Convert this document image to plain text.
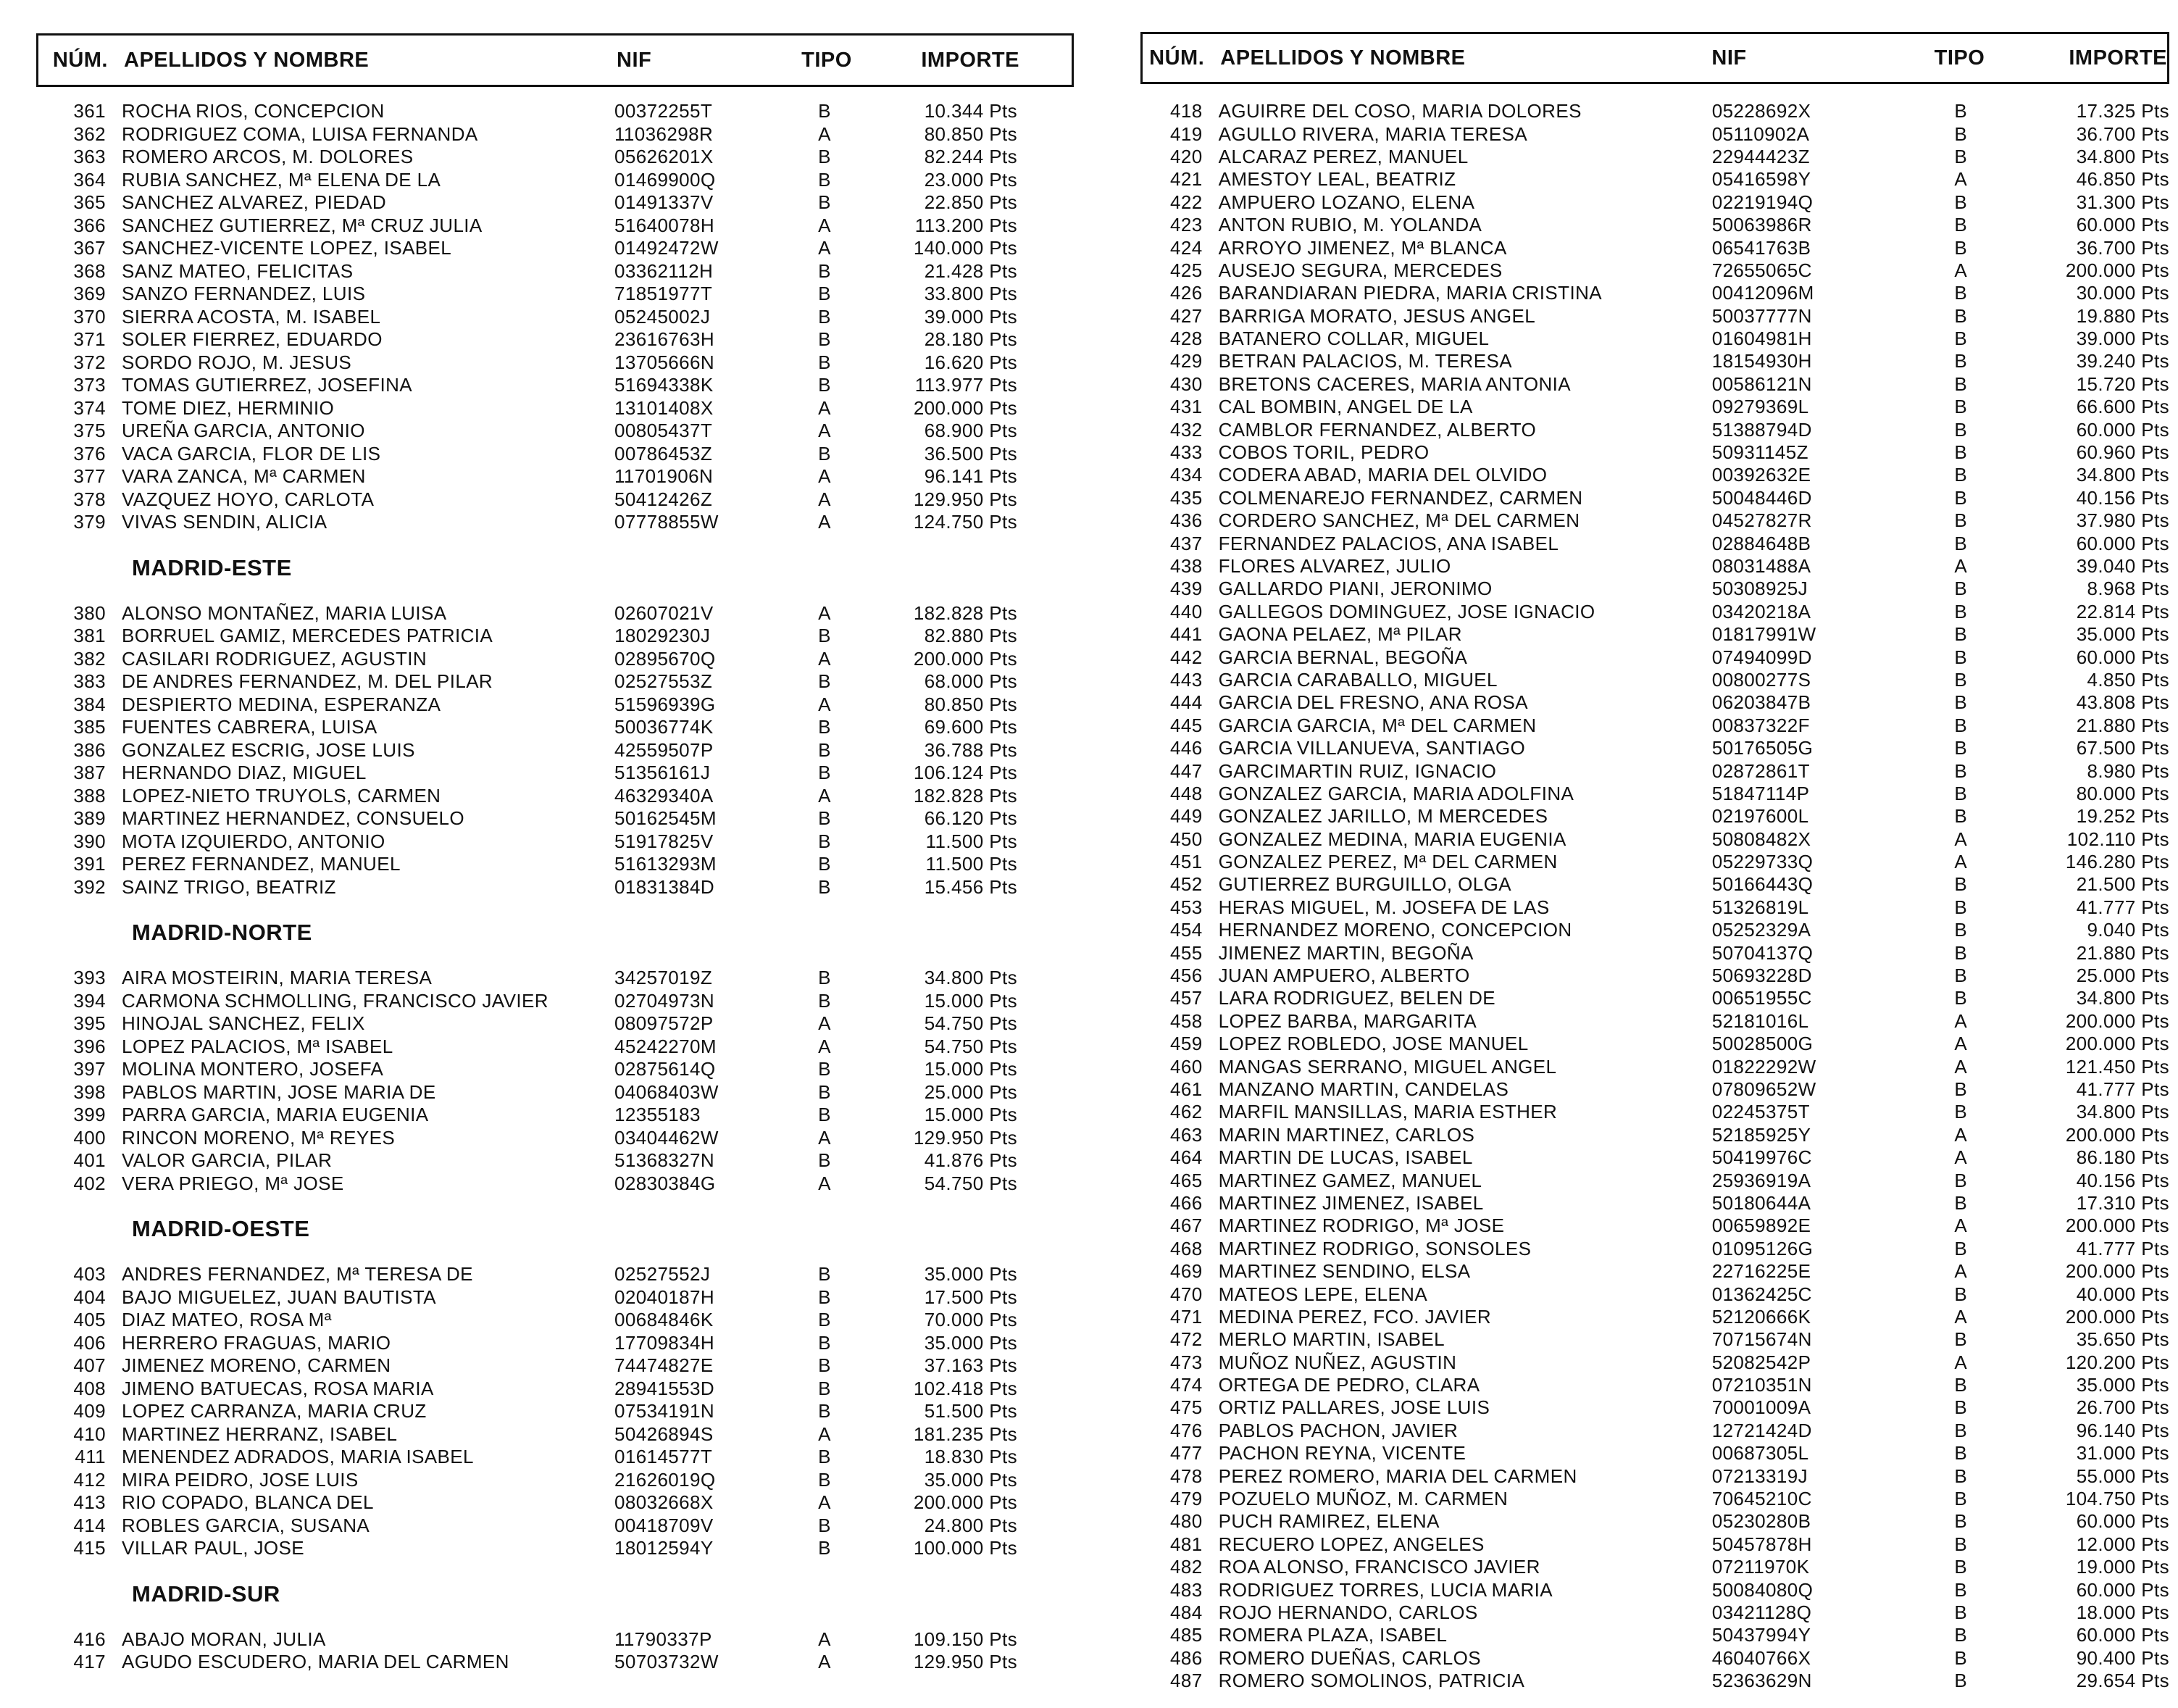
NÚM. APELLIDOS Y NOMBRE	NIF	TIPO	IMPORTE
361 ROCHA RIOS, CONCEPCION	00372255T	B	10.344 Pts
362 RODRIGUEZ COMA, LUISA FERNANDA	11036298R	A	80.850 Pts
363 ROMERO ARCOS, M. DOLORES	05626201X	B	82.244 Pts
364 RUBIA SANCHEZ, Mª ELENA DE LA	01469900Q	B	23.000 Pts
365 SANCHEZ ALVAREZ, PIEDAD	01491337V	B	22.850 Pts
366 SANCHEZ GUTIERREZ, Mª CRUZ JULIA	51640078H	A	113.200 Pts
367 SANCHEZ-VICENTE LOPEZ, ISABEL	01492472W	A	140.000 Pts
368 SANZ MATEO, FELICITAS	03362112H	B	21.428 Pts
369 SANZO FERNANDEZ, LUIS	71851977T	B	33.800 Pts
370 SIERRA ACOSTA, M. ISABEL	05245002J	B	39.000 Pts
371 SOLER FIERREZ, EDUARDO	23616763H	B	28.180 Pts
372 SORDO ROJO, M. JESUS	13705666N	B	16.620 Pts
373 TOMAS GUTIERREZ, JOSEFINA	51694338K	B	113.977 Pts
374 TOME DIEZ, HERMINIO	13101408X	A	200.000 Pts
375 UREÑA GARCIA, ANTONIO	00805437T	A	68.900 Pts
376 VACA GARCIA, FLOR DE LIS	00786453Z	B	36.500 Pts
377 VARA ZANCA, Mª CARMEN	11701906N	A	96.141 Pts
378 VAZQUEZ HOYO, CARLOTA	50412426Z	A	129.950 Pts
379 VIVAS SENDIN, ALICIA	07778855W	A	124.750 Pts
MADRID-ESTE
380 ALONSO MONTAÑEZ, MARIA LUISA	02607021V	A	182.828 Pts
381 BORRUEL GAMIZ, MERCEDES PATRICIA	18029230J	B	82.880 Pts
382 CASILARI RODRIGUEZ, AGUSTIN	02895670Q	A	200.000 Pts
383 DE ANDRES FERNANDEZ, M. DEL PILAR	02527553Z	B	68.000 Pts
384 DESPIERTO MEDINA, ESPERANZA	51596939G	A	80.850 Pts
385 FUENTES CABRERA, LUISA	50036774K	B	69.600 Pts
386 GONZALEZ ESCRIG, JOSE LUIS	42559507P	B	36.788 Pts
387 HERNANDO DIAZ, MIGUEL	51356161J	B	106.124 Pts
388 LOPEZ-NIETO TRUYOLS, CARMEN	46329340A	A	182.828 Pts
389 MARTINEZ HERNANDEZ, CONSUELO	50162545M	B	66.120 Pts
390 MOTA IZQUIERDO, ANTONIO	51917825V	B	11.500 Pts
391 PEREZ FERNANDEZ, MANUEL	51613293M	B	11.500 Pts
392 SAINZ TRIGO, BEATRIZ	01831384D	B	15.456 Pts
MADRID-NORTE
393 AIRA MOSTEIRIN, MARIA TERESA	34257019Z	B	34.800 Pts
394 CARMONA SCHMOLLING, FRANCISCO JAVIER	02704973N	B	15.000 Pts
395 HINOJAL SANCHEZ, FELIX	08097572P	A	54.750 Pts
396 LOPEZ PALACIOS, Mª ISABEL	45242270M	A	54.750 Pts
397 MOLINA MONTERO, JOSEFA	02875614Q	B	15.000 Pts
398 PABLOS MARTIN, JOSE MARIA DE	04068403W	B	25.000 Pts
399 PARRA GARCIA, MARIA EUGENIA	12355183	B	15.000 Pts
400 RINCON MORENO, Mª REYES	03404462W	A	129.950 Pts
401 VALOR GARCIA, PILAR	51368327N	B	41.876 Pts
402 VERA PRIEGO, Mª JOSE	02830384G	A	54.750 Pts
MADRID-OESTE
403 ANDRES FERNANDEZ, Mª TERESA DE	02527552J	B	35.000 Pts
404 BAJO MIGUELEZ, JUAN BAUTISTA	02040187H	B	17.500 Pts
405 DIAZ MATEO, ROSA Mª	00684846K	B	70.000 Pts
406 HERRERO FRAGUAS, MARIO	17709834H	B	35.000 Pts
407 JIMENEZ MORENO, CARMEN	74474827E	B	37.163 Pts
408 JIMENO BATUECAS, ROSA MARIA	28941553D	B	102.418 Pts
409 LOPEZ CARRANZA, MARIA CRUZ	07534191N	B	51.500 Pts
410 MARTINEZ HERRANZ, ISABEL	50426894S	A	181.235 Pts
411 MENENDEZ ADRADOS, MARIA ISABEL	01614577T	B	18.830 Pts
412 MIRA PEIDRO, JOSE LUIS	21626019Q	B	35.000 Pts
413 RIO COPADO, BLANCA DEL	08032668X	A	200.000 Pts
414 ROBLES GARCIA, SUSANA	00418709V	B	24.800 Pts
415 VILLAR PAUL, JOSE	18012594Y	B	100.000 Pts
MADRID-SUR
416 ABAJO MORAN, JULIA	11790337P	A	109.150 Pts
417 AGUDO ESCUDERO, MARIA DEL CARMEN	50703732W	A	129.950 Pts
NÚM. APELLIDOS Y NOMBRE	NIF	TIPO	IMPORTE
418 AGUIRRE DEL COSO, MARIA DOLORES	05228692X	B	17.325 Pts
419 AGULLO RIVERA, MARIA TERESA	05110902A	B	36.700 Pts
420 ALCARAZ PEREZ, MANUEL	22944423Z	B	34.800 Pts
421 AMESTOY LEAL, BEATRIZ	05416598Y	A	46.850 Pts
422 AMPUERO LOZANO, ELENA	02219194Q	B	31.300 Pts
423 ANTON RUBIO, M. YOLANDA	50063986R	B	60.000 Pts
424 ARROYO JIMENEZ, Mª BLANCA	06541763B	B	36.700 Pts
425 AUSEJO SEGURA, MERCEDES	72655065C	A	200.000 Pts
426 BARANDIARAN PIEDRA, MARIA CRISTINA	00412096M	B	30.000 Pts
427 BARRIGA MORATO, JESUS ANGEL	50037777N	B	19.880 Pts
428 BATANERO COLLAR, MIGUEL	01604981H	B	39.000 Pts
429 BETRAN PALACIOS, M. TERESA	18154930H	B	39.240 Pts
430 BRETONS CACERES, MARIA ANTONIA	00586121N	B	15.720 Pts
431 CAL BOMBIN, ANGEL DE LA	09279369L	B	66.600 Pts
432 CAMBLOR FERNANDEZ, ALBERTO	51388794D	B	60.000 Pts
433 COBOS TORIL, PEDRO	50931145Z	B	60.960 Pts
434 CODERA ABAD, MARIA DEL OLVIDO	00392632E	B	34.800 Pts
435 COLMENAREJO FERNANDEZ, CARMEN	50048446D	B	40.156 Pts
436 CORDERO SANCHEZ, Mª DEL CARMEN	04527827R	B	37.980 Pts
437 FERNANDEZ PALACIOS, ANA ISABEL	02884648B	B	60.000 Pts
438 FLORES ALVAREZ, JULIO	08031488A	A	39.040 Pts
439 GALLARDO PIANI, JERONIMO	50308925J	B	8.968 Pts
440 GALLEGOS DOMINGUEZ, JOSE IGNACIO	03420218A	B	22.814 Pts
441 GAONA PELAEZ, Mª PILAR	01817991W	B	35.000 Pts
442 GARCIA BERNAL, BEGOÑA	07494099D	B	60.000 Pts
443 GARCIA CARABALLO, MIGUEL	00800277S	B	4.850 Pts
444 GARCIA DEL FRESNO, ANA ROSA	06203847B	B	43.808 Pts
445 GARCIA GARCIA, Mª DEL CARMEN	00837322F	B	21.880 Pts
446 GARCIA VILLANUEVA, SANTIAGO	50176505G	B	67.500 Pts
447 GARCIMARTIN RUIZ, IGNACIO	02872861T	B	8.980 Pts
448 GONZALEZ GARCIA, MARIA ADOLFINA	51847114P	B	80.000 Pts
449 GONZALEZ JARILLO, M MERCEDES	02197600L	B	19.252 Pts
450 GONZALEZ MEDINA, MARIA EUGENIA	50808482X	A	102.110 Pts
451 GONZALEZ PEREZ, Mª DEL CARMEN	05229733Q	A	146.280 Pts
452 GUTIERREZ BURGUILLO, OLGA	50166443Q	B	21.500 Pts
453 HERAS MIGUEL, M. JOSEFA DE LAS	51326819L	B	41.777 Pts
454 HERNANDEZ MORENO, CONCEPCION	05252329A	B	9.040 Pts
455 JIMENEZ MARTIN, BEGOÑA	50704137Q	B	21.880 Pts
456 JUAN AMPUERO, ALBERTO	50693228D	B	25.000 Pts
457 LARA RODRIGUEZ, BELEN DE	00651955C	B	34.800 Pts
458 LOPEZ BARBA, MARGARITA	52181016L	A	200.000 Pts
459 LOPEZ ROBLEDO, JOSE MANUEL	50028500G	A	200.000 Pts
460 MANGAS SERRANO, MIGUEL ANGEL	01822292W	A	121.450 Pts
461 MANZANO MARTIN, CANDELAS	07809652W	B	41.777 Pts
462 MARFIL MANSILLAS, MARIA ESTHER	02245375T	B	34.800 Pts
463 MARIN MARTINEZ, CARLOS	52185925Y	A	200.000 Pts
464 MARTIN DE LUCAS, ISABEL	50419976C	A	86.180 Pts
465 MARTINEZ GAMEZ, MANUEL	25936919A	B	40.156 Pts
466 MARTINEZ JIMENEZ, ISABEL	50180644A	B	17.310 Pts
467 MARTINEZ RODRIGO, Mª JOSE	00659892E	A	200.000 Pts
468 MARTINEZ RODRIGO, SONSOLES	01095126G	B	41.777 Pts
469 MARTINEZ SENDINO, ELSA	22716225E	A	200.000 Pts
470 MATEOS LEPE, ELENA	01362425C	B	40.000 Pts
471 MEDINA PEREZ, FCO. JAVIER	52120666K	A	200.000 Pts
472 MERLO MARTIN, ISABEL	70715674N	B	35.650 Pts
473 MUÑOZ NUÑEZ, AGUSTIN	52082542P	A	120.200 Pts
474 ORTEGA DE PEDRO, CLARA	07210351N	B	35.000 Pts
475 ORTIZ PALLARES, JOSE LUIS	70001009A	B	26.700 Pts
476 PABLOS PACHON, JAVIER	12721424D	B	96.140 Pts
477 PACHON REYNA, VICENTE	00687305L	B	31.000 Pts
478 PEREZ ROMERO, MARIA DEL CARMEN	07213319J	B	55.000 Pts
479 POZUELO MUÑOZ, M. CARMEN	70645210C	B	104.750 Pts
480 PUCH RAMIREZ, ELENA	05230280B	B	60.000 Pts
481 RECUERO LOPEZ, ANGELES	50457878H	B	12.000 Pts
482 ROA ALONSO, FRANCISCO JAVIER	07211970K	B	19.000 Pts
483 RODRIGUEZ TORRES, LUCIA MARIA	50084080Q	B	60.000 Pts
484 ROJO HERNANDO, CARLOS	03421128Q	B	18.000 Pts
485 ROMERA PLAZA, ISABEL	50437994Y	B	60.000 Pts
486 ROMERO DUEÑAS, CARLOS	46040766X	B	90.400 Pts
487 ROMERO SOMOLINOS, PATRICIA	52363629N	B	29.654 Pts
